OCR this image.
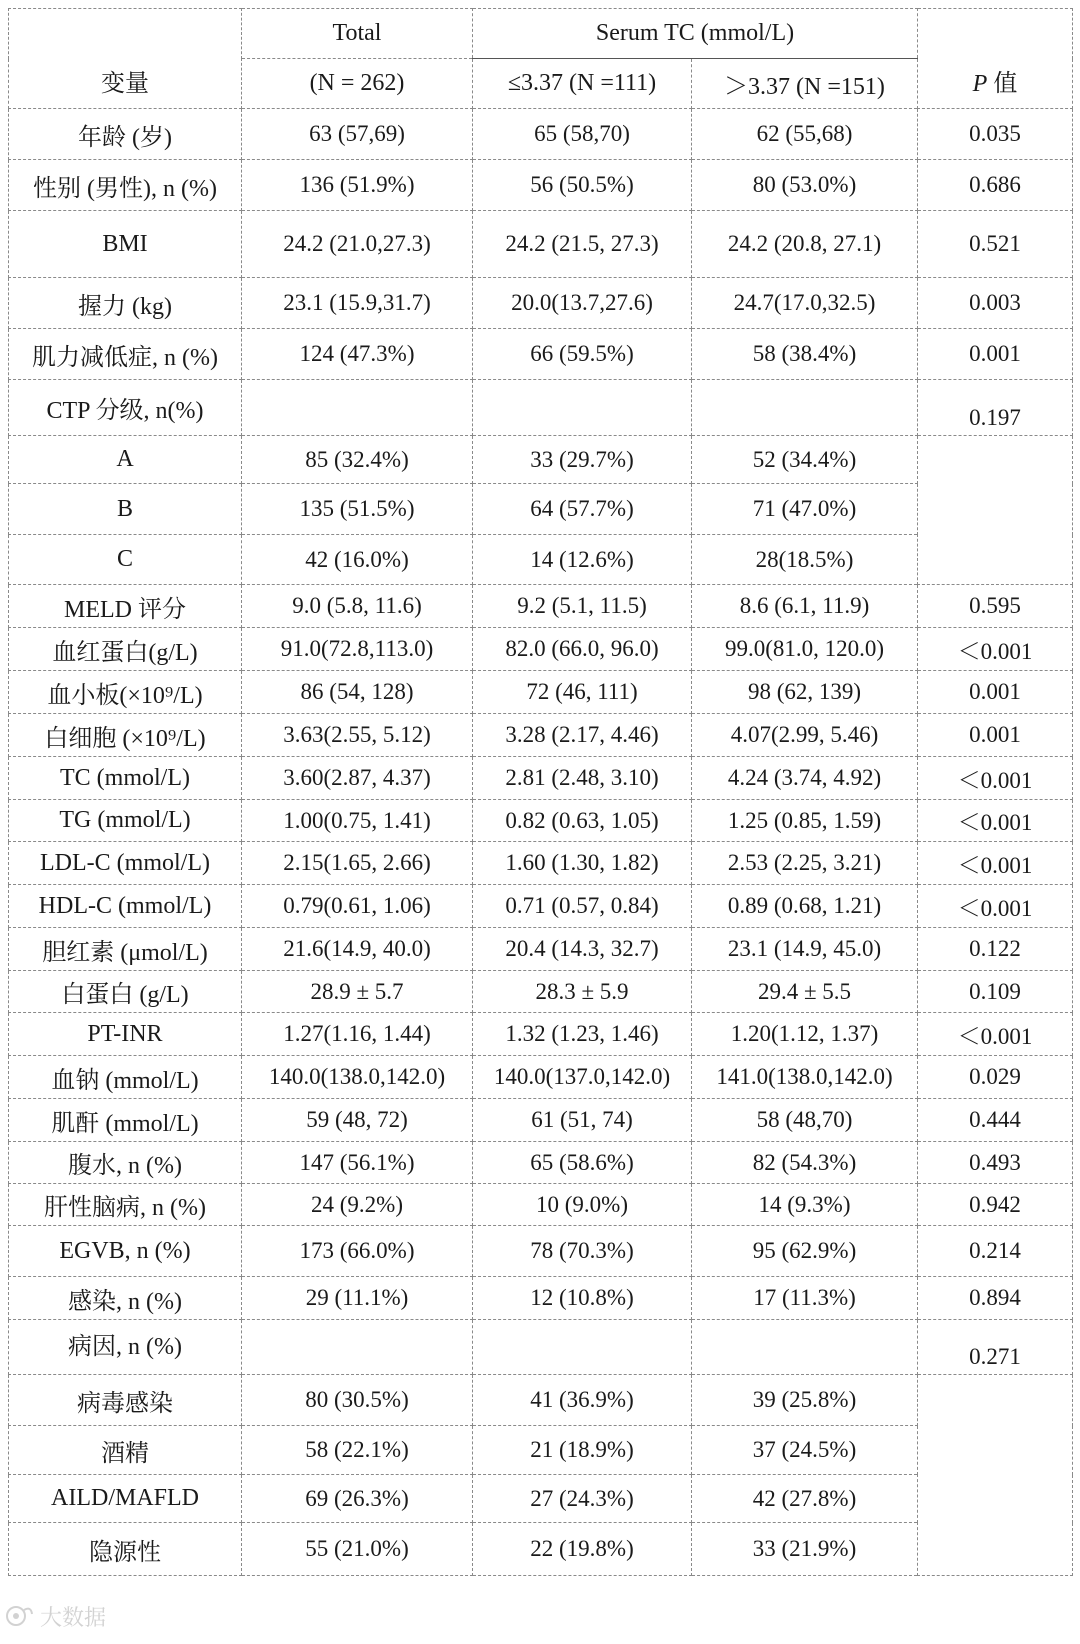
变量	Total	Serum TC (mmol/L)		P 值
	(N = 262)	≤3.37 (N =111)	＞3.37 (N =151)	
年龄 (岁)	63 (57,69)	65 (58,70)	62 (55,68)	0.035
性别 (男性), n (%)	136 (51.9%)	56 (50.5%)	80 (53.0%)	0.686
BMI	24.2 (21.0,27.3)	24.2 (21.5, 27.3)	24.2 (20.8, 27.1)	0.521
握力 (kg)	23.1 (15.9,31.7)	20.0(13.7,27.6)	24.7(17.0,32.5)	0.003
肌力减低症, n (%)	124 (47.3%)	66 (59.5%)	58 (38.4%)	0.001
CTP 分级, n(%)				0.197
A	85 (32.4%)	33 (29.7%)	52 (34.4%)	
B	135 (51.5%)	64 (57.7%)	71 (47.0%)	
C	42 (16.0%)	14 (12.6%)	28(18.5%)	
MELD 评分	9.0 (5.8, 11.6)	9.2 (5.1, 11.5)	8.6 (6.1, 11.9)	0.595
血红蛋白(g/L)	91.0(72.8,113.0)	82.0 (66.0, 96.0)	99.0(81.0, 120.0)	＜0.001
血小板(×10⁹/L)	86 (54, 128)	72 (46, 111)	98 (62, 139)	0.001
白细胞 (×10⁹/L)	3.63(2.55, 5.12)	3.28 (2.17, 4.46)	4.07(2.99, 5.46)	0.001
TC (mmol/L)	3.60(2.87, 4.37)	2.81 (2.48, 3.10)	4.24 (3.74, 4.92)	＜0.001
TG (mmol/L)	1.00(0.75, 1.41)	0.82 (0.63, 1.05)	1.25 (0.85, 1.59)	＜0.001
LDL-C (mmol/L)	2.15(1.65, 2.66)	1.60 (1.30, 1.82)	2.53 (2.25, 3.21)	＜0.001
HDL-C (mmol/L)	0.79(0.61, 1.06)	0.71 (0.57, 0.84)	0.89 (0.68, 1.21)	＜0.001
胆红素 (μmol/L)	21.6(14.9, 40.0)	20.4 (14.3, 32.7)	23.1 (14.9, 45.0)	0.122
白蛋白 (g/L)	28.9 ± 5.7	28.3 ± 5.9	29.4 ± 5.5	0.109
PT-INR	1.27(1.16, 1.44)	1.32 (1.23, 1.46)	1.20(1.12, 1.37)	＜0.001
血钠 (mmol/L)	140.0(138.0,142.0)	140.0(137.0,142.0)	141.0(138.0,142.0)	0.029
肌酐 (mmol/L)	59 (48, 72)	61 (51, 74)	58 (48,70)	0.444
腹水, n (%)	147 (56.1%)	65 (58.6%)	82 (54.3%)	0.493
肝性脑病, n (%)	24 (9.2%)	10 (9.0%)	14 (9.3%)	0.942
EGVB, n (%)	173 (66.0%)	78 (70.3%)	95 (62.9%)	0.214
感染, n (%)	29 (11.1%)	12 (10.8%)	17 (11.3%)	0.894
病因, n (%)				0.271
病毒感染	80 (30.5%)	41 (36.9%)	39 (25.8%)	
酒精	58 (22.1%)	21 (18.9%)	37 (24.5%)	
AILD/MAFLD	69 (26.3%)	27 (24.3%)	42 (27.8%)	
隐源性	55 (21.0%)	22 (19.8%)	33 (21.9%)	
大数据
